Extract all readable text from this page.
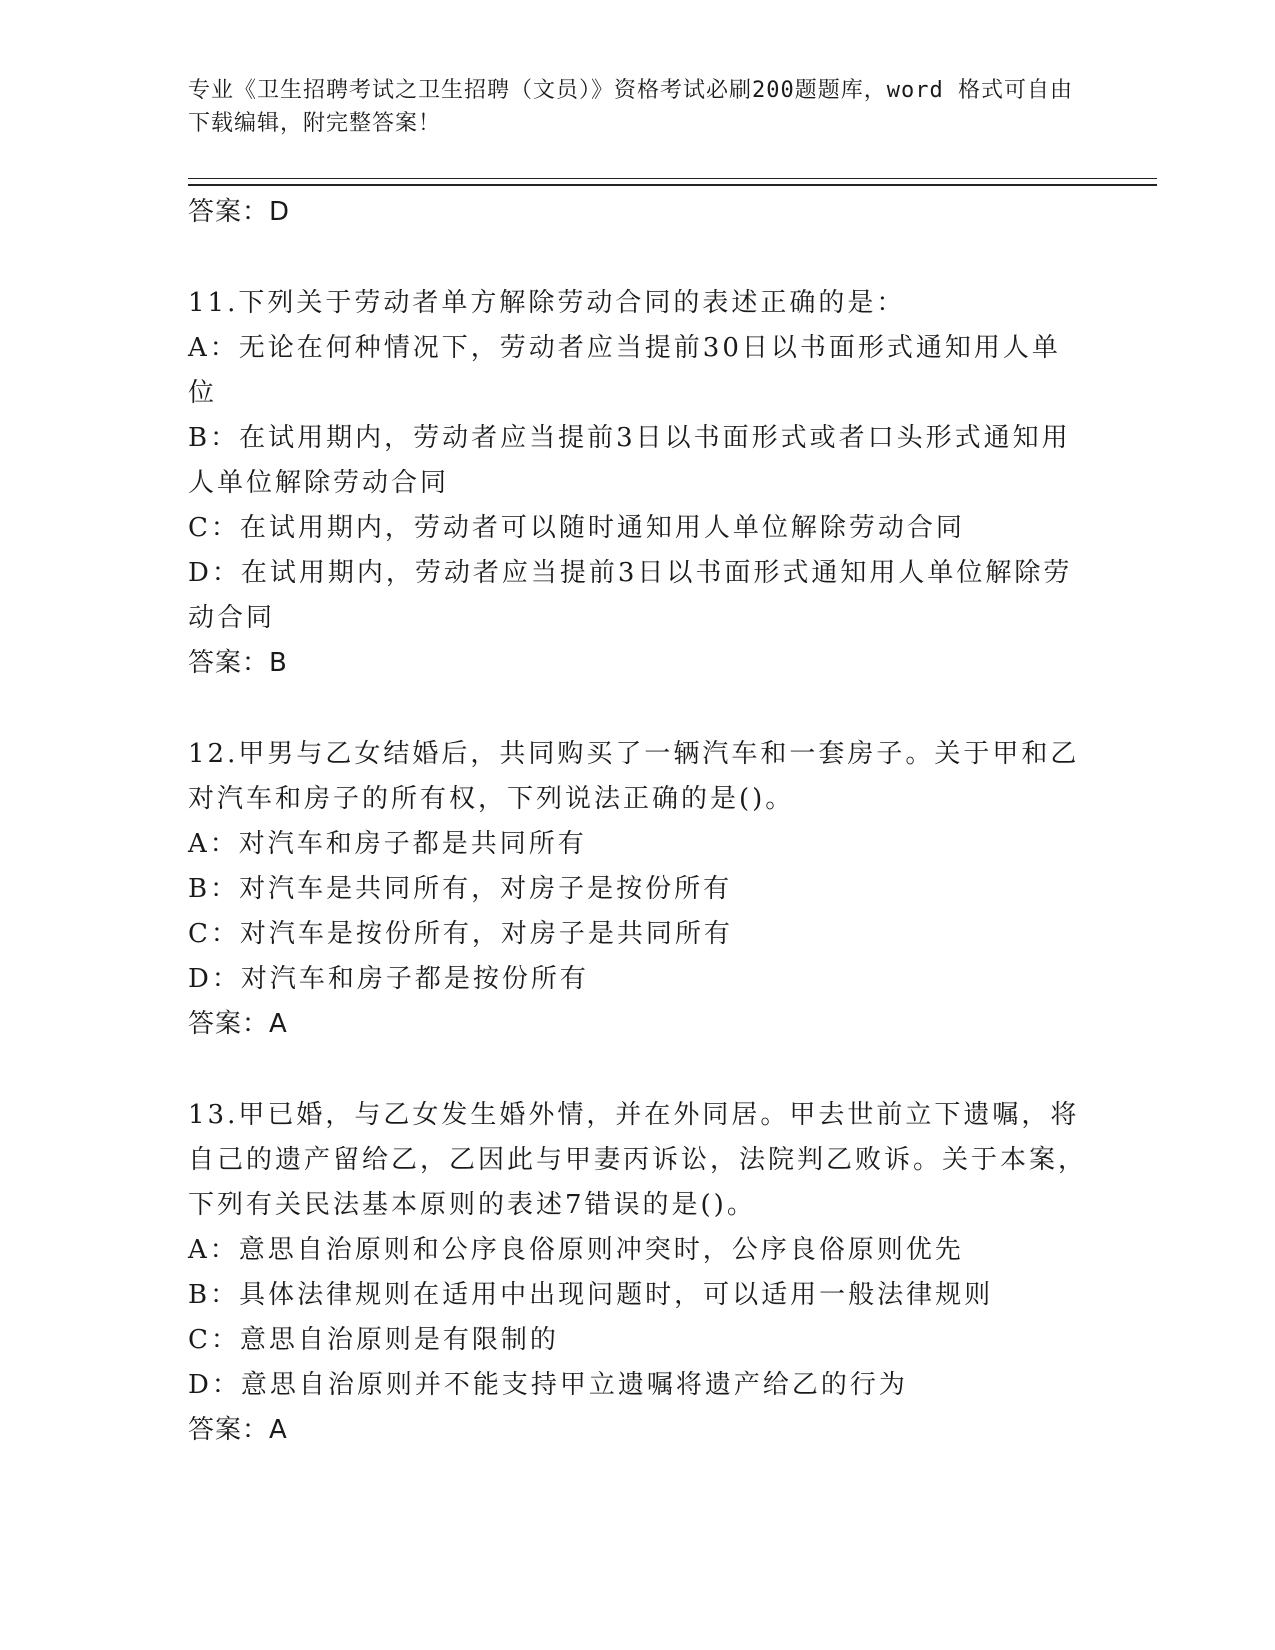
专业《卫生招聘考试之卫生招聘（文员）》资格考试必刷200题题库，word 格式可自由下载编辑，附完整答案！
答案：D

11.下列关于劳动者单方解除劳动合同的表述正确的是：

A：无论在何种情况下，劳动者应当提前30日以书面形式通知用人单位

B：在试用期内，劳动者应当提前3日以书面形式或者口头形式通知用人单位解除劳动合同

C：在试用期内，劳动者可以随时通知用人单位解除劳动合同

D：在试用期内，劳动者应当提前3日以书面形式通知用人单位解除劳动合同

答案：B

12.甲男与乙女结婚后，共同购买了一辆汽车和一套房子。关于甲和乙对汽车和房子的所有权，下列说法正确的是()。

A：对汽车和房子都是共同所有

B：对汽车是共同所有，对房子是按份所有

C：对汽车是按份所有，对房子是共同所有

D：对汽车和房子都是按份所有

答案：A

13.甲已婚，与乙女发生婚外情，并在外同居。甲去世前立下遗嘱，将自己的遗产留给乙，乙因此与甲妻丙诉讼，法院判乙败诉。关于本案，下列有关民法基本原则的表述7错误的是()。

A：意思自治原则和公序良俗原则冲突时，公序良俗原则优先

B：具体法律规则在适用中出现问题时，可以适用一般法律规则

C：意思自治原则是有限制的

D：意思自治原则并不能支持甲立遗嘱将遗产给乙的行为

答案：A
